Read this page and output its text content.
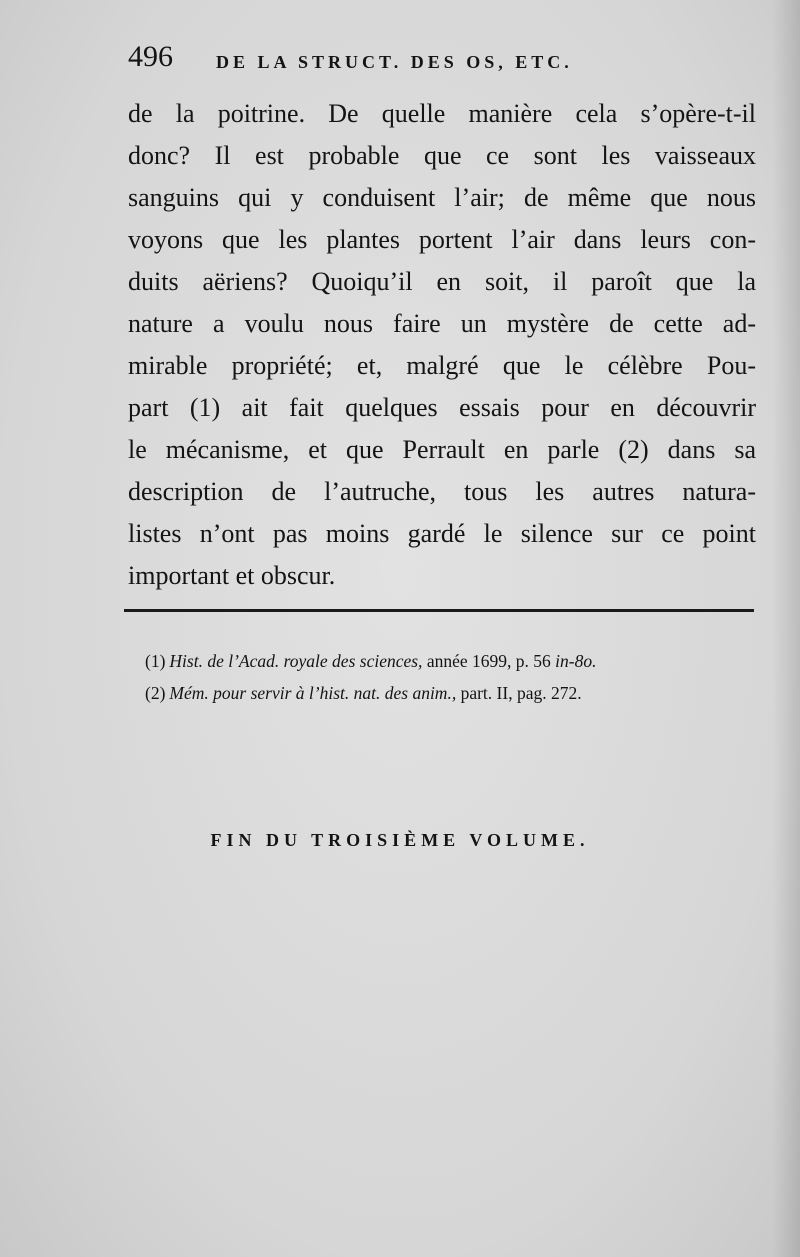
496 DE LA STRUCT. DES OS, ETC.
de la poitrine. De quelle manière cela s’opère-t-il
donc? Il est probable que ce sont les vaisseaux
sanguins qui y conduisent l’air; de même que nous
voyons que les plantes portent l’air dans leurs con-
duits aëriens? Quoiqu’il en soit, il paroît que la
nature a voulu nous faire un mystère de cette ad-
mirable propriété; et, malgré que le célèbre Pou-
part (1) ait fait quelques essais pour en découvrir
le mécanisme, et que Perrault en parle (2) dans sa
description de l’autruche, tous les autres natura-
listes n’ont pas moins gardé le silence sur ce point
important et obscur.
(1) Hist. de l’Acad. royale des sciences, année 1699, p. 56 in-8o.
(2) Mém. pour servir à l’hist. nat. des anim., part. II, pag. 272.
FIN DU TROISIÈME VOLUME.
